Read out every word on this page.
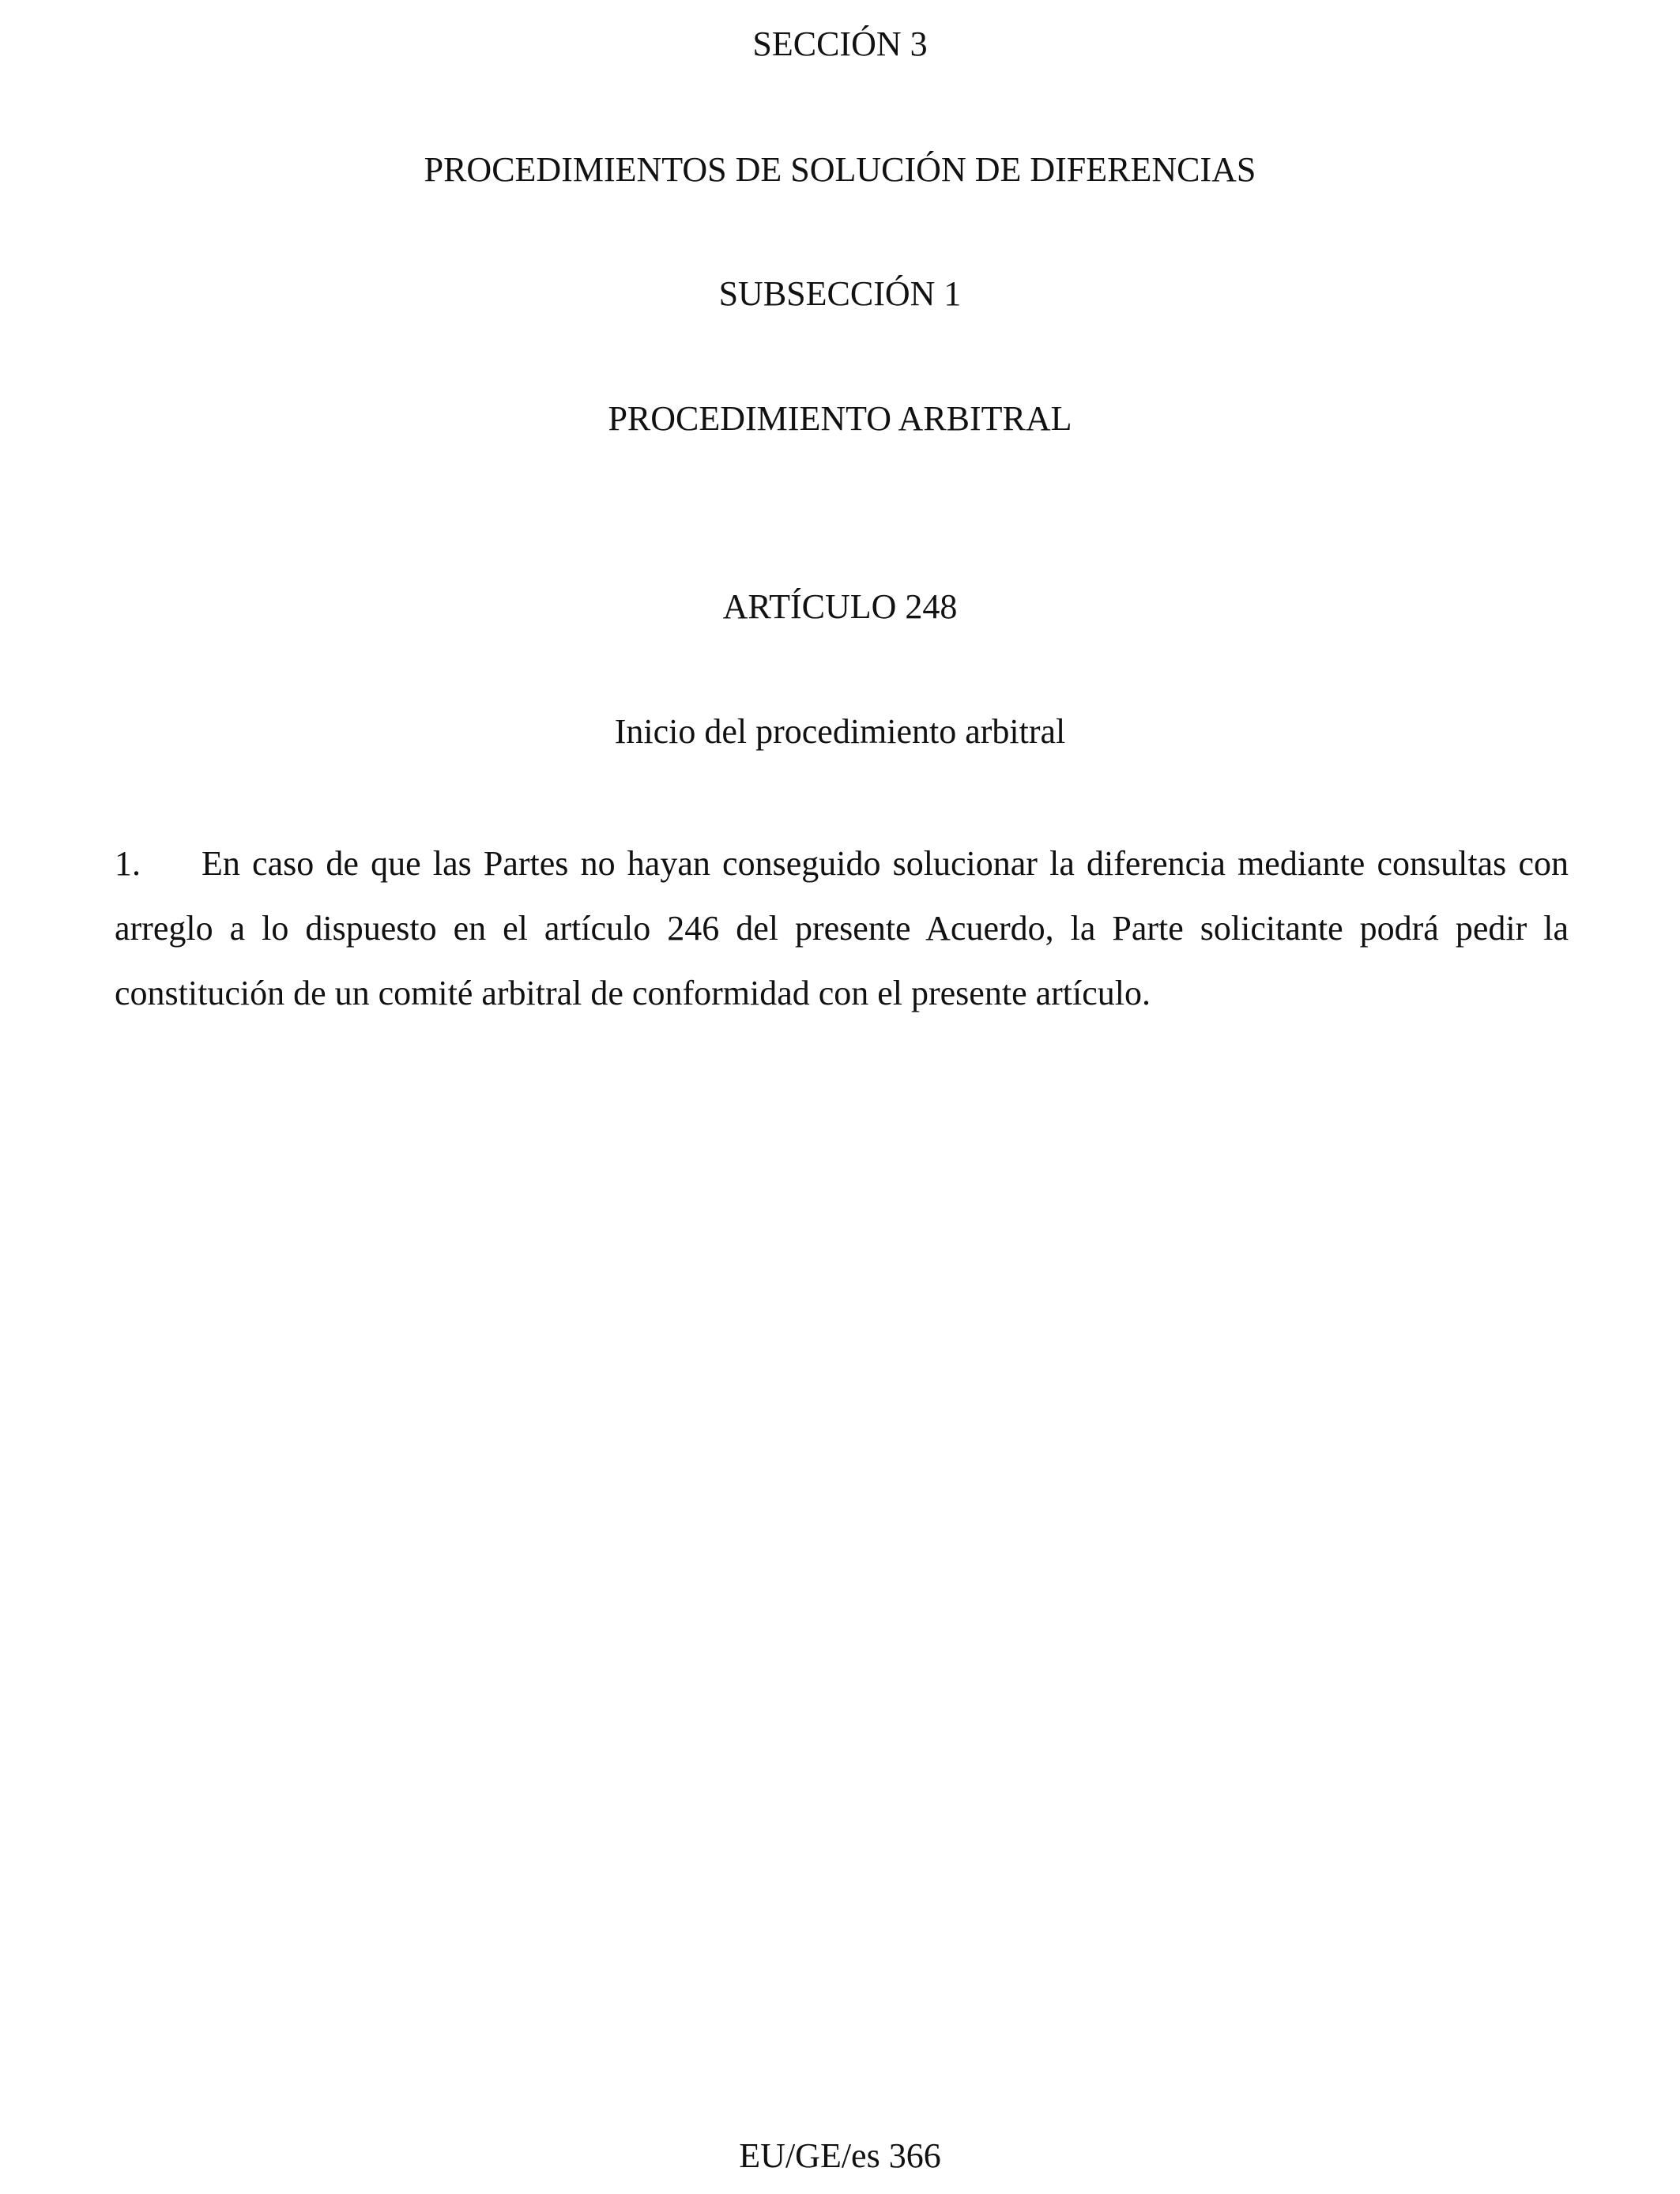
SECCIÓN 3
PROCEDIMIENTOS DE SOLUCIÓN DE DIFERENCIAS
SUBSECCIÓN 1
PROCEDIMIENTO ARBITRAL
ARTÍCULO 248
Inicio del procedimiento arbitral
1. En caso de que las Partes no hayan conseguido solucionar la diferencia mediante consultas con arreglo a lo dispuesto en el artículo 246 del presente Acuerdo, la Parte solicitante podrá pedir la constitución de un comité arbitral de conformidad con el presente artículo.
EU/GE/es 366
